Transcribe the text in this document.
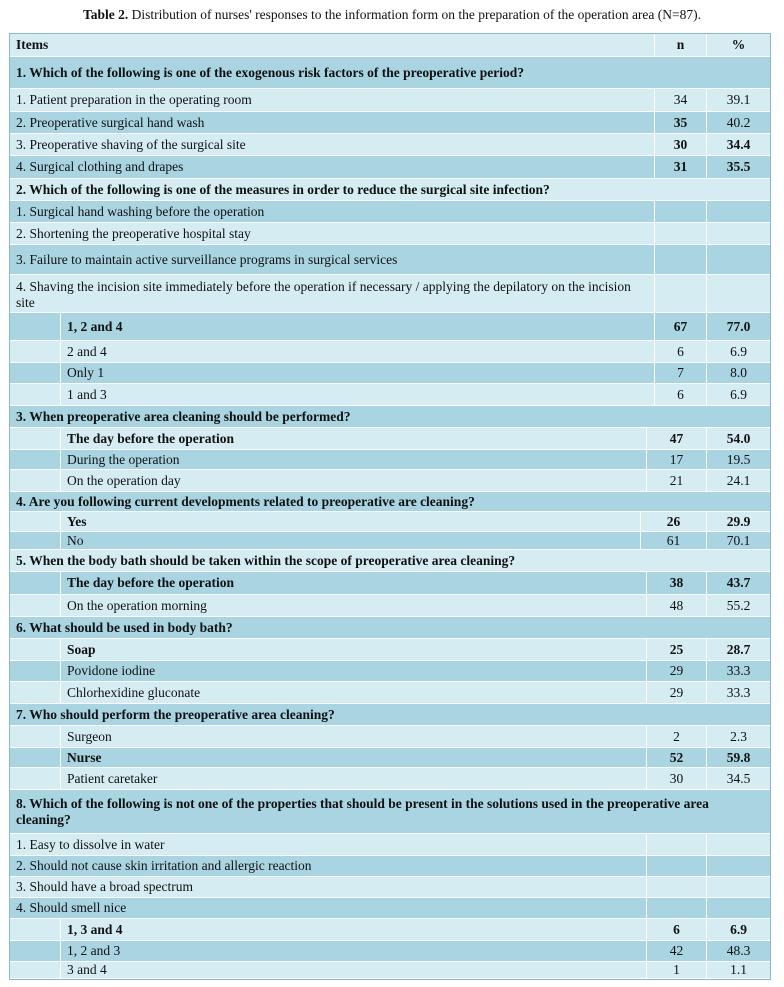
Table 2. Distribution of nurses' responses to the information form on the preparation of the operation area (N=87).
Items	n	%
1. Which of the following is one of the exogenous risk factors of the preoperative period?
1. Patient preparation in the operating room	34	39.1
2. Preoperative surgical hand wash	35	40.2
3. Preoperative shaving of the surgical site	30	34.4
4. Surgical clothing and drapes	31	35.5
2. Which of the following is one of the measures in order to reduce the surgical site infection?
1. Surgical hand washing before the operation
2. Shortening the preoperative hospital stay
3. Failure to maintain active surveillance programs in surgical services
4. Shaving the incision site immediately before the operation if necessary / applying the depilatory on the incision site
1, 2 and 4	67	77.0
2 and 4	6	6.9
Only 1	7	8.0
1 and 3	6	6.9
3. When preoperative area cleaning should be performed?
The day before the operation	47	54.0
During the operation	17	19.5
On the operation day	21	24.1
4. Are you following current developments related to preoperative are cleaning?
Yes	26	29.9
No	61	70.1
5. When the body bath should be taken within the scope of preoperative area cleaning?
The day before the operation	38	43.7
On the operation morning	48	55.2
6. What should be used in body bath?
Soap	25	28.7
Povidone iodine	29	33.3
Chlorhexidine gluconate	29	33.3
7. Who should perform the preoperative area cleaning?
Surgeon	2	2.3
Nurse	52	59.8
Patient caretaker	30	34.5
8. Which of the following is not one of the properties that should be present in the solutions used in the preoperative area cleaning?
1. Easy to dissolve in water
2. Should not cause skin irritation and allergic reaction
3. Should have a broad spectrum
4. Should smell nice
1, 3 and 4	6	6.9
1, 2 and 3	42	48.3
3 and 4	1	1.1
